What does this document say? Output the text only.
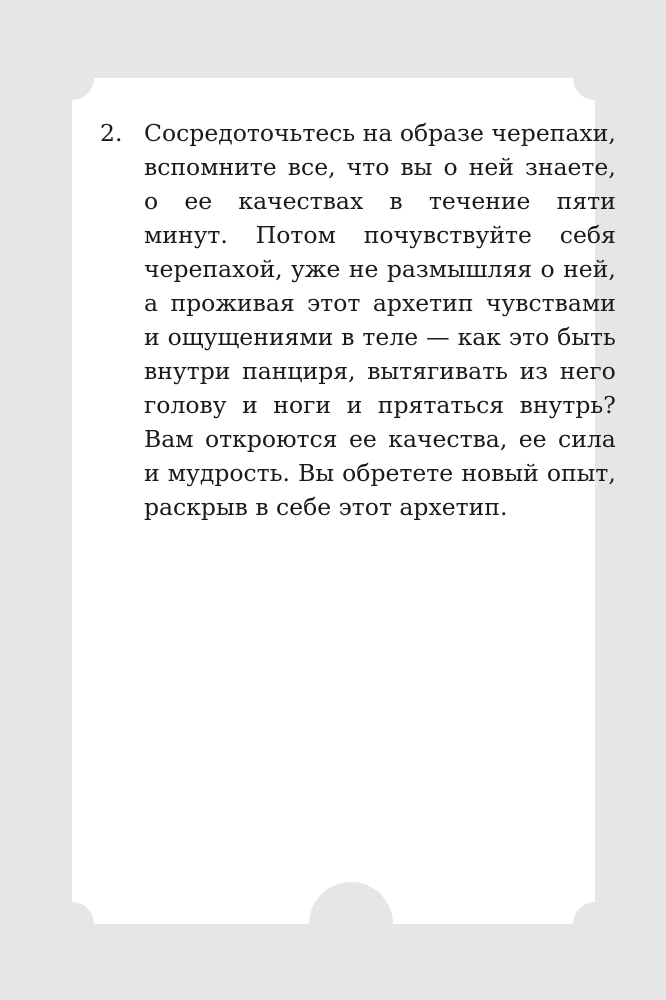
2. Сосредоточьтесь на образе черепахи,
вспомните все, что вы о ней знаете,
о ее качествах в течение пяти
минут. Потом почувствуйте себя
черепахой, уже не размышляя о ней,
а проживая этот архетип чувствами
и ощущениями в теле — как это быть
внутри панциря, вытягивать из него
голову и ноги и прятаться внутрь?
Вам откроются ее качества, ее сила
и мудрость. Вы обретете новый опыт,
раскрыв в себе этот архетип.
